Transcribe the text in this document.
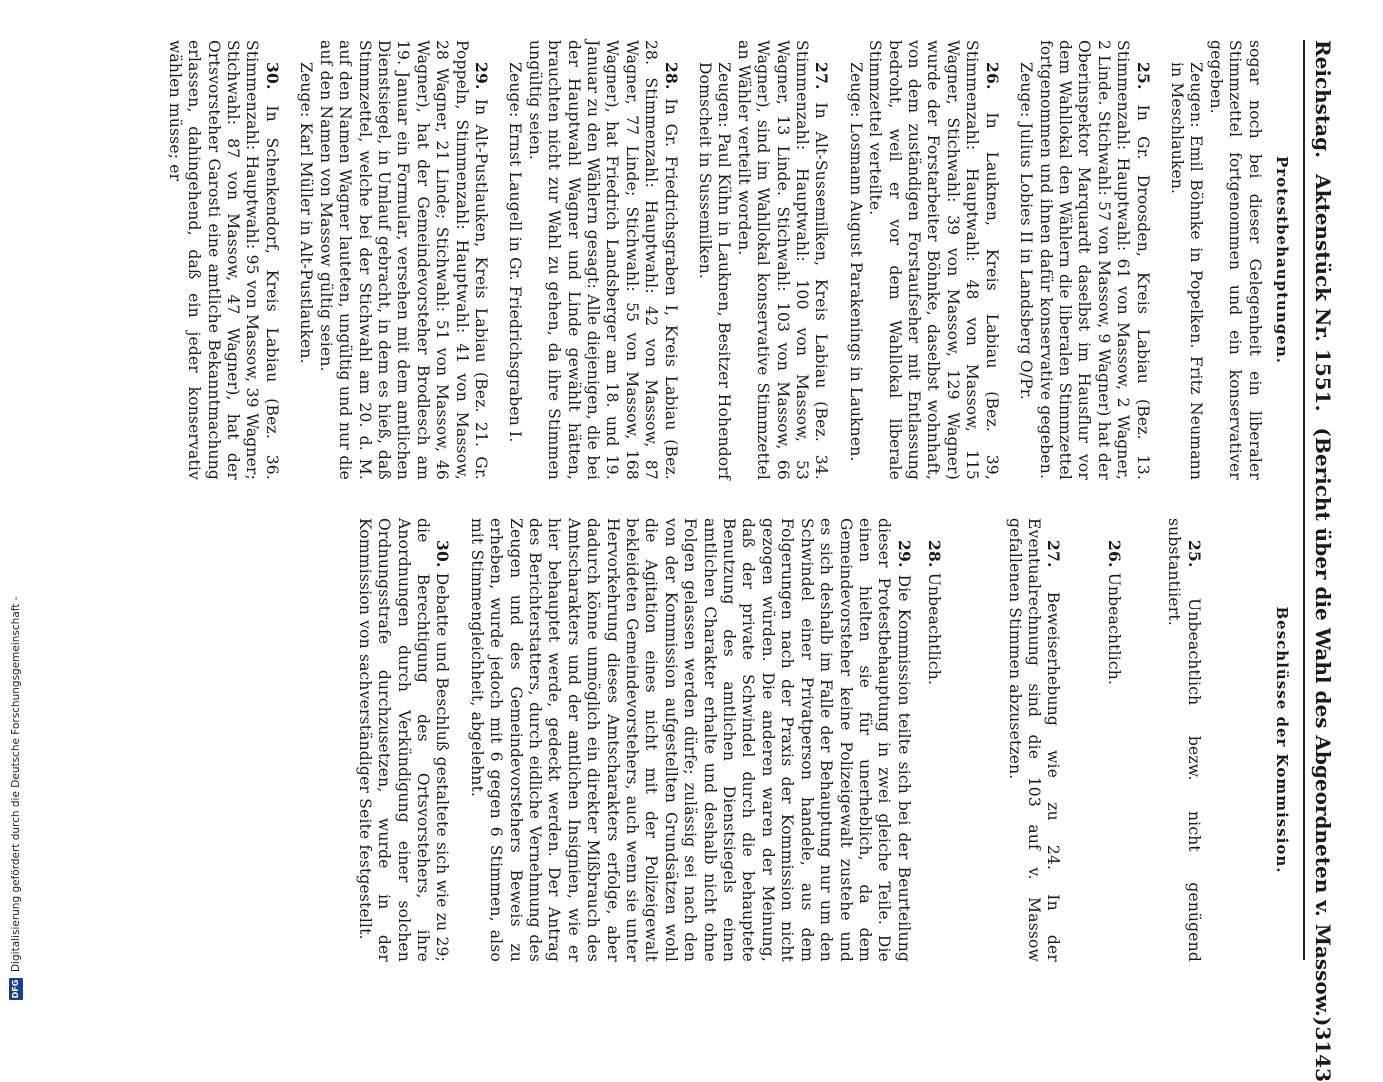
Reichstag.
Aktenstück Nr. 1551.
(Bericht über die Wahl des Abgeordneten v. Massow.)
3143
Protestbehauptungen.

sogar noch bei dieser Gelegenheit ein liberaler Stimmzettel fortgenommen und ein konservativer gegeben.

Zeugen: Emil Böhnke in Popelken. Fritz Neumann in Meschlauken.

25. In Gr. Droosden, Kreis Labiau (Bez. 13. Stimmenzahl: Hauptwahl: 61 von Massow, 2 Wagner, 2 Linde. Stichwahl: 57 von Massow, 9 Wagner) hat der Oberinspektor Marquardt daselbst im Hausflur vor dem Wahllokal den Wählern die liberalen Stimmzettel fortgenommen und ihnen dafür konservative gegeben.

Zeuge: Julius Lobies II in Landsberg O/Pr.

26. In Lauknen, Kreis Labiau (Bez. 39, Stimmenzahl: Hauptwahl: 48 von Massow, 115 Wagner, Stichwahl: 39 von Massow, 129 Wagner) wurde der Forstarbeiter Böhnke, daselbst wohnhaft, von dem zuständigen Forstaufseher mit Entlassung bedroht, weil er vor dem Wahllokal liberale Stimmzettel verteilte.

Zeuge: Losmann August Parakenings in Lauknen.

27. In Alt-Sussemilken, Kreis Labiau (Bez. 34. Stimmenzahl: Hauptwahl: 100 von Massow, 53 Wagner, 13 Linde. Stichwahl: 103 von Massow, 66 Wagner), sind im Wahllokal konservative Stimmzettel an Wähler verteilt worden.

Zeugen: Paul Kühn in Lauknen, Besitzer Hohendorf Domscheit in Sussemilken.

28. In Gr. Friedrichsgraben I, Kreis Labiau (Bez. 28. Stimmenzahl: Hauptwahl: 42 von Massow, 87 Wagner, 77 Linde; Stichwahl: 55 von Massow, 168 Wagner), hat Friedrich Landsberger am 18. und 19. Januar zu den Wählern gesagt: Alle diejenigen, die bei der Hauptwahl Wagner und Linde gewählt hätten, brauchten nicht zur Wahl zu gehen, da ihre Stimmen ungültig seien.

Zeuge: Ernst Laugell in Gr. Friedrichsgraben I.

29. In Alt-Pustlauken, Kreis Labiau (Bez. 21. Gr. Poppeln, Stimmenzahl: Hauptwahl: 41 von Massow, 28 Wagner, 21 Linde; Stichwahl: 51 von Massow, 46 Wagner), hat der Gemeindevorsteher Brodlesch am 19. Januar ein Formular, versehen mit dem amtlichen Dienstsiegel, in Umlauf gebracht, in dem es hieß, daß Stimmzettel, welche bei der Stichwahl am 20. d. M. auf den Namen Wagner lauteten, ungültig und nur die auf den Namen von Massow gültig seien.

Zeuge: Karl Müller in Alt-Pustlauken.

30. In Schenkendorf, Kreis Labiau (Bez. 36. Stimmenzahl: Hauptwahl: 95 von Massow, 39 Wagner; Stichwahl: 87 von Massow, 47 Wagner), hat der Ortsvorsteher Garosti eine amtliche Bekanntmachung erlassen, dahingehend, daß ein jeder konservativ wählen müsse; er

Beschlüsse der Kommission.

25. Unbeachtlich bezw. nicht genügend substantiiert.

26. Unbeachtlich.

27. Beweiserhebung wie zu 24. In der Eventualrechnung sind die 103 auf v. Massow gefallenen Stimmen abzusetzen.

28. Unbeachtlich.

29. Die Kommission teilte sich bei der Beurteilung dieser Protestbehauptung in zwei gleiche Teile. Die einen hielten sie für unerheblich, da dem Gemeindevorsteher keine Polizeigewalt zustehe und es sich deshalb im Falle der Behauptung nur um den Schwindel einer Privatperson handele, aus dem Folgerungen nach der Praxis der Kommission nicht gezogen würden. Die anderen waren der Meinung, daß der private Schwindel durch die behauptete Benutzung des amtlichen Dienstsiegels einen amtlichen Charakter erhalte und deshalb nicht ohne Folgen gelassen werden dürfe; zulässig sei nach den von der Kommission aufgestellten Grundsätzen wohl die Agitation eines nicht mit der Polizeigewalt bekleideten Gemeindevorstehers, auch wenn sie unter Hervorkehrung dieses Amtscharakters erfolge, aber dadurch könne unmöglich ein direkter Mißbrauch des Amtscharakters und der amtlichen Insignien, wie er hier behauptet werde, gedeckt werden. Der Antrag des Berichterstatters, durch eidliche Vernehmung des Zeugen und des Gemeindevorstehers Beweis zu erheben, wurde jedoch mit 6 gegen 6 Stimmen, also mit Stimmengleichheit, abgelehnt.

30. Debatte und Beschluß gestaltete sich wie zu 29; die Berechtigung des Ortsvorstehers, ihre Anordnungen durch Verkündigung einer solchen Ordnungsstrafe durchzusetzen, wurde in der Kommission von sachverständiger Seite festgestellt.

DFG
Digitalisierung gefördert durch die Deutsche Forschungsgemeinschaft -
